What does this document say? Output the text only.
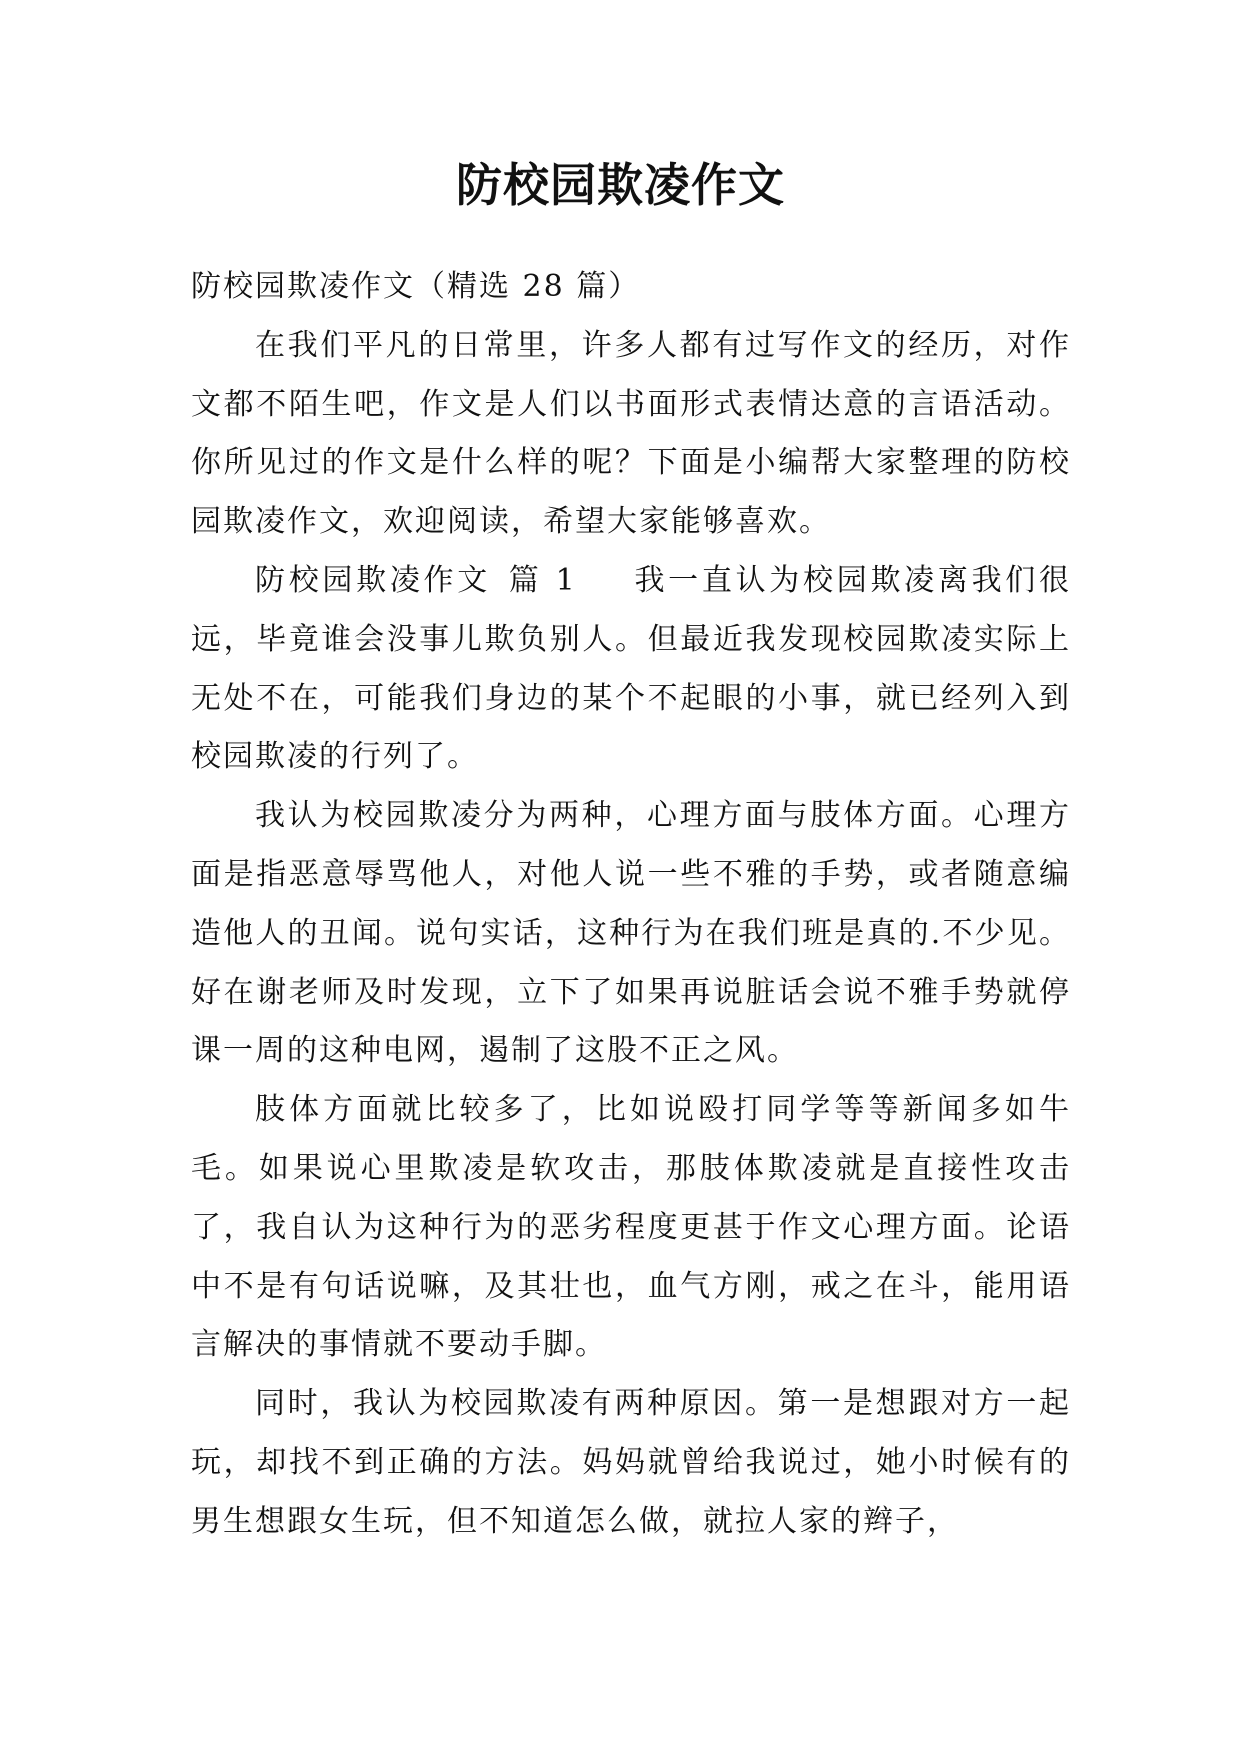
防校园欺凌作文

防校园欺凌作文（精选 28 篇）

在我们平凡的日常里，许多人都有过写作文的经历，对作文都不陌生吧，作文是人们以书面形式表情达意的言语活动。你所见过的作文是什么样的呢？下面是小编帮大家整理的防校园欺凌作文，欢迎阅读，希望大家能够喜欢。

防校园欺凌作文 篇 1 我一直认为校园欺凌离我们很远，毕竟谁会没事儿欺负别人。但最近我发现校园欺凌实际上无处不在，可能我们身边的某个不起眼的小事，就已经列入到校园欺凌的行列了。

我认为校园欺凌分为两种，心理方面与肢体方面。心理方面是指恶意辱骂他人，对他人说一些不雅的手势，或者随意编造他人的丑闻。说句实话，这种行为在我们班是真的.不少见。好在谢老师及时发现，立下了如果再说脏话会说不雅手势就停课一周的这种电网，遏制了这股不正之风。

肢体方面就比较多了，比如说殴打同学等等新闻多如牛毛。如果说心里欺凌是软攻击，那肢体欺凌就是直接性攻击了，我自认为这种行为的恶劣程度更甚于作文心理方面。论语中不是有句话说嘛，及其壮也，血气方刚，戒之在斗，能用语言解决的事情就不要动手脚。

同时，我认为校园欺凌有两种原因。第一是想跟对方一起玩，却找不到正确的方法。妈妈就曾给我说过，她小时候有的男生想跟女生玩，但不知道怎么做，就拉人家的辫子，
